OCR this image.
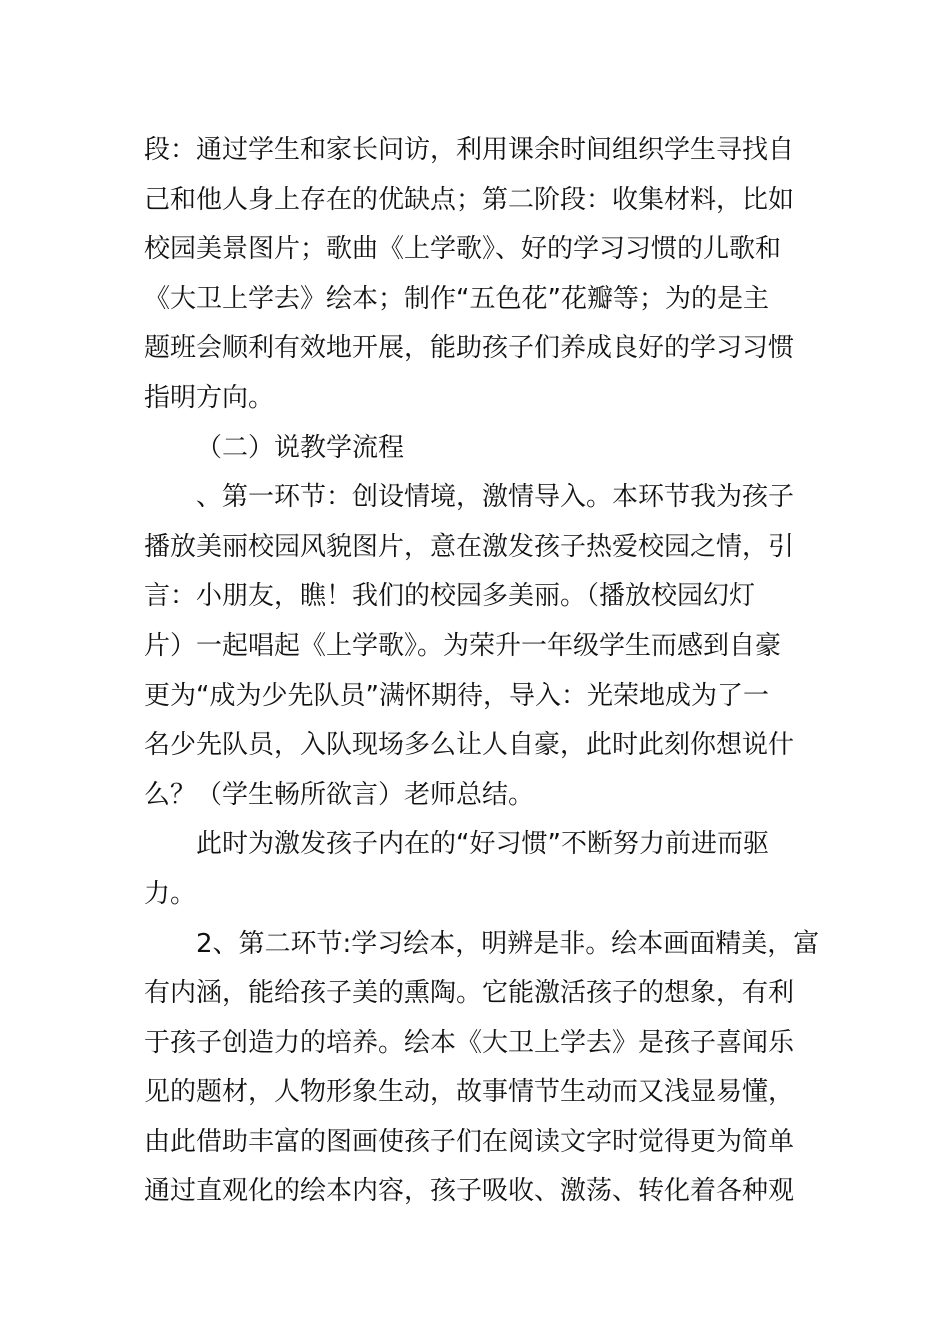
段：通过学生和家长问访，利用课余时间组织学生寻找自
己和他人身上存在的优缺点；第二阶段：收集材料，比如
校园美景图片；歌曲《上学歌》、好的学习习惯的儿歌和
《大卫上学去》绘本；制作“五色花”花瓣等；为的是主
题班会顺利有效地开展，能助孩子们养成良好的学习习惯
指明方向。
（二）说教学流程
、第一环节：创设情境，激情导入。本环节我为孩子
播放美丽校园风貌图片，意在激发孩子热爱校园之情，引
言：小朋友，瞧！我们的校园多美丽。（播放校园幻灯
片）一起唱起《上学歌》。为荣升一年级学生而感到自豪
更为“成为少先队员”满怀期待，导入：光荣地成为了一
名少先队员，入队现场多么让人自豪，此时此刻你想说什
么？（学生畅所欲言）老师总结。
此时为激发孩子内在的“好习惯”不断努力前进而驱
力。
2、第二环节:学习绘本，明辨是非。绘本画面精美，富
有内涵，能给孩子美的熏陶。它能激活孩子的想象，有利
于孩子创造力的培养。绘本《大卫上学去》是孩子喜闻乐
见的题材，人物形象生动，故事情节生动而又浅显易懂，
由此借助丰富的图画使孩子们在阅读文字时觉得更为简单
通过直观化的绘本内容，孩子吸收、激荡、转化着各种观
